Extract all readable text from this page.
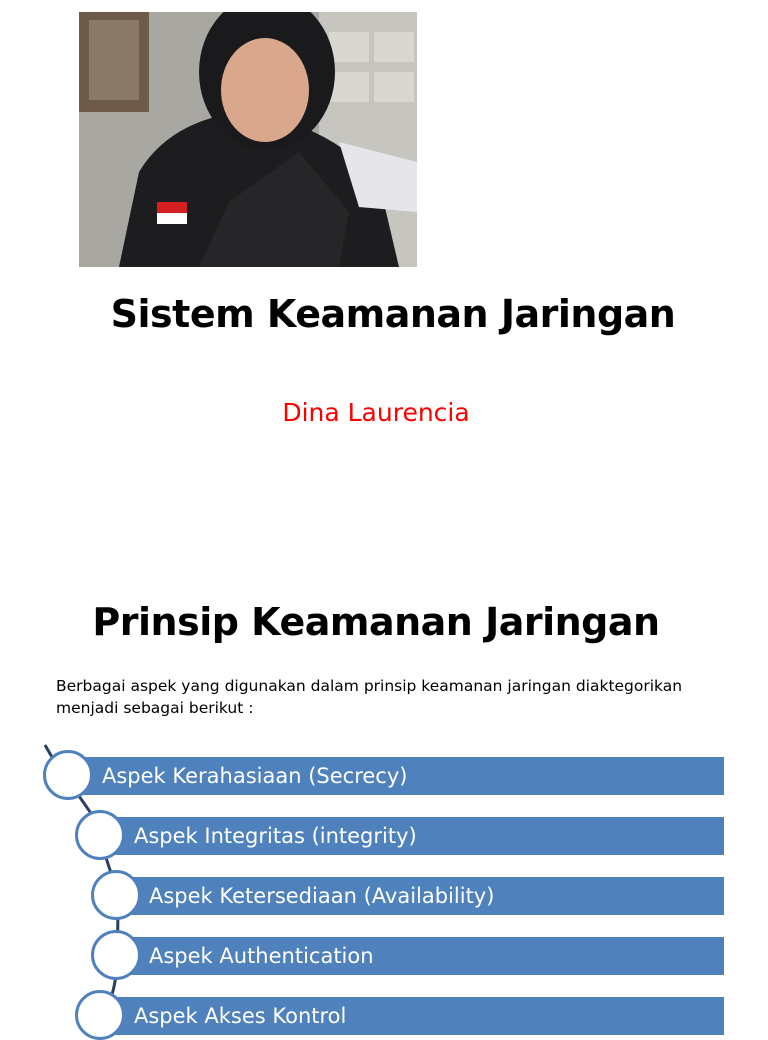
Sistem Keamanan Jaringan
Dina Laurencia
Prinsip Keamanan Jaringan
Berbagai aspek yang digunakan dalam prinsip keamanan jaringan diaktegorikan menjadi sebagai berikut :
Aspek Kerahasiaan (Secrecy)
Aspek Integritas (integrity)
Aspek Ketersediaan (Availability)
Aspek Authentication
Aspek Akses Kontrol
